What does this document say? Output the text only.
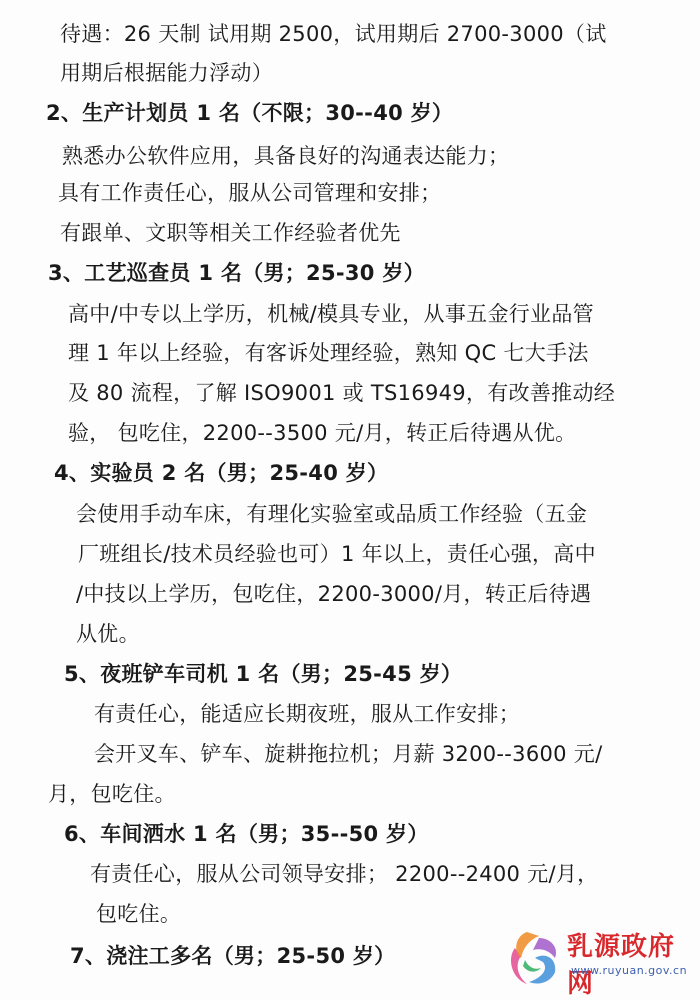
待遇：26 天制 试用期 2500，试用期后 2700-3000（试
用期后根据能力浮动）
2、生产计划员 1 名（不限；30--40 岁）
熟悉办公软件应用，具备良好的沟通表达能力；
具有工作责任心，服从公司管理和安排；
有跟单、文职等相关工作经验者优先
3、工艺巡查员 1 名（男；25-30 岁）
高中/中专以上学历，机械/模具专业，从事五金行业品管
理 1 年以上经验，有客诉处理经验，熟知 QC 七大手法
及 80 流程，了解 ISO9001 或 TS16949，有改善推动经
验， 包吃住，2200--3500 元/月，转正后待遇从优。
4、实验员 2 名（男；25-40 岁）
会使用手动车床，有理化实验室或品质工作经验（五金
厂班组长/技术员经验也可）1 年以上，责任心强，高中
/中技以上学历，包吃住，2200-3000/月，转正后待遇
从优。
5、夜班铲车司机 1 名（男；25-45 岁）
有责任心，能适应长期夜班，服从工作安排；
会开叉车、铲车、旋耕拖拉机；月薪 3200--3600 元/
月，包吃住。
6、车间洒水 1 名（男；35--50 岁）
有责任心，服从公司领导安排； 2200--2400 元/月，
包吃住。
7、浇注工多名（男；25-50 岁）	乳源政府网
www.ruyuan.gov.cn
